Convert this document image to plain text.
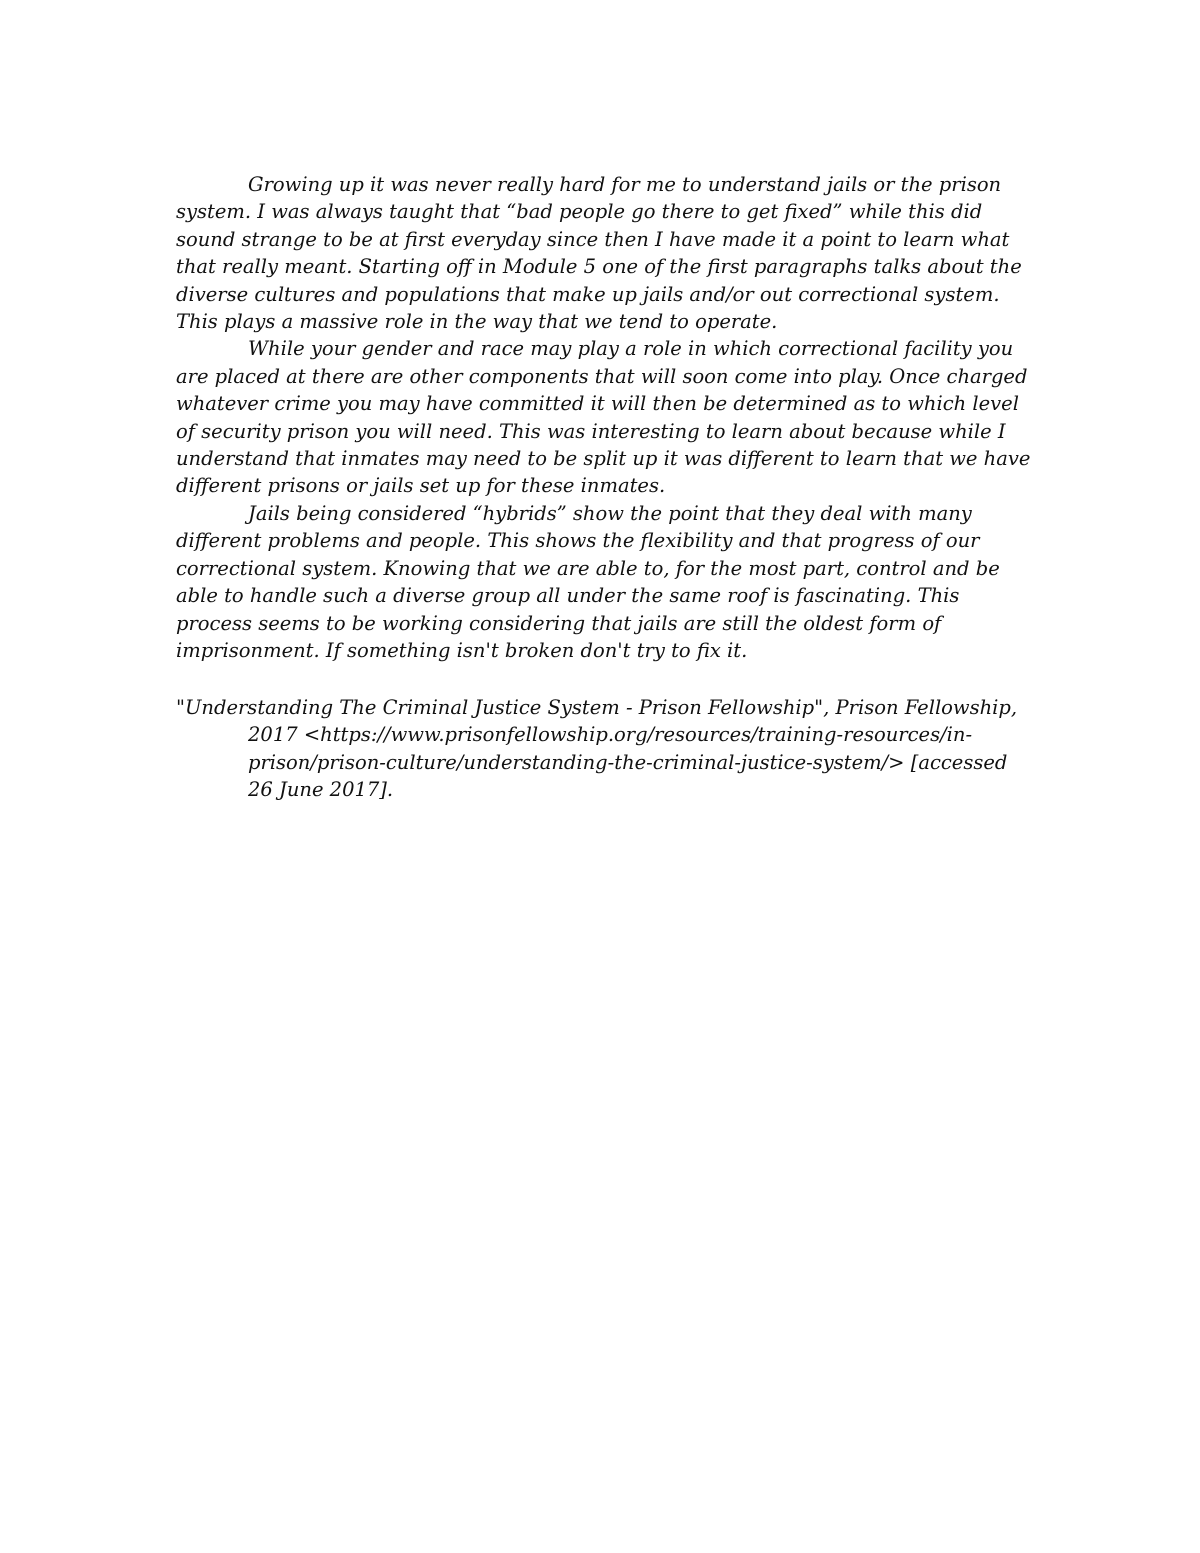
Growing up it was never really hard for me to understand jails or the prison system. I was always taught that “bad people go there to get fixed” while this did sound strange to be at first everyday since then I have made it a point to learn what that really meant. Starting off in Module 5 one of the first paragraphs talks about the diverse cultures and populations that make up jails and/or out correctional system. This plays a massive role in the way that we tend to operate.

While your gender and race may play a role in which correctional facility you are placed at there are other components that will soon come into play. Once charged whatever crime you may have committed it will then be determined as to which level of security prison you will need. This was interesting to learn about because while I understand that inmates may need to be split up it was different to learn that we have different prisons or jails set up for these inmates.

Jails being considered “hybrids” show the point that they deal with many different problems and people. This shows the flexibility and that progress of our correctional system. Knowing that we are able to, for the most part, control and be able to handle such a diverse group all under the same roof is fascinating. This process seems to be working considering that jails are still the oldest form of imprisonment. If something isn't broken don't try to fix it.

"Understanding The Criminal Justice System - Prison Fellowship", Prison Fellowship, 2017 <https://www.prisonfellowship.org/resources/training-resources/in-prison/prison-culture/understanding-the-criminal-justice-system/> [accessed 26 June 2017].
